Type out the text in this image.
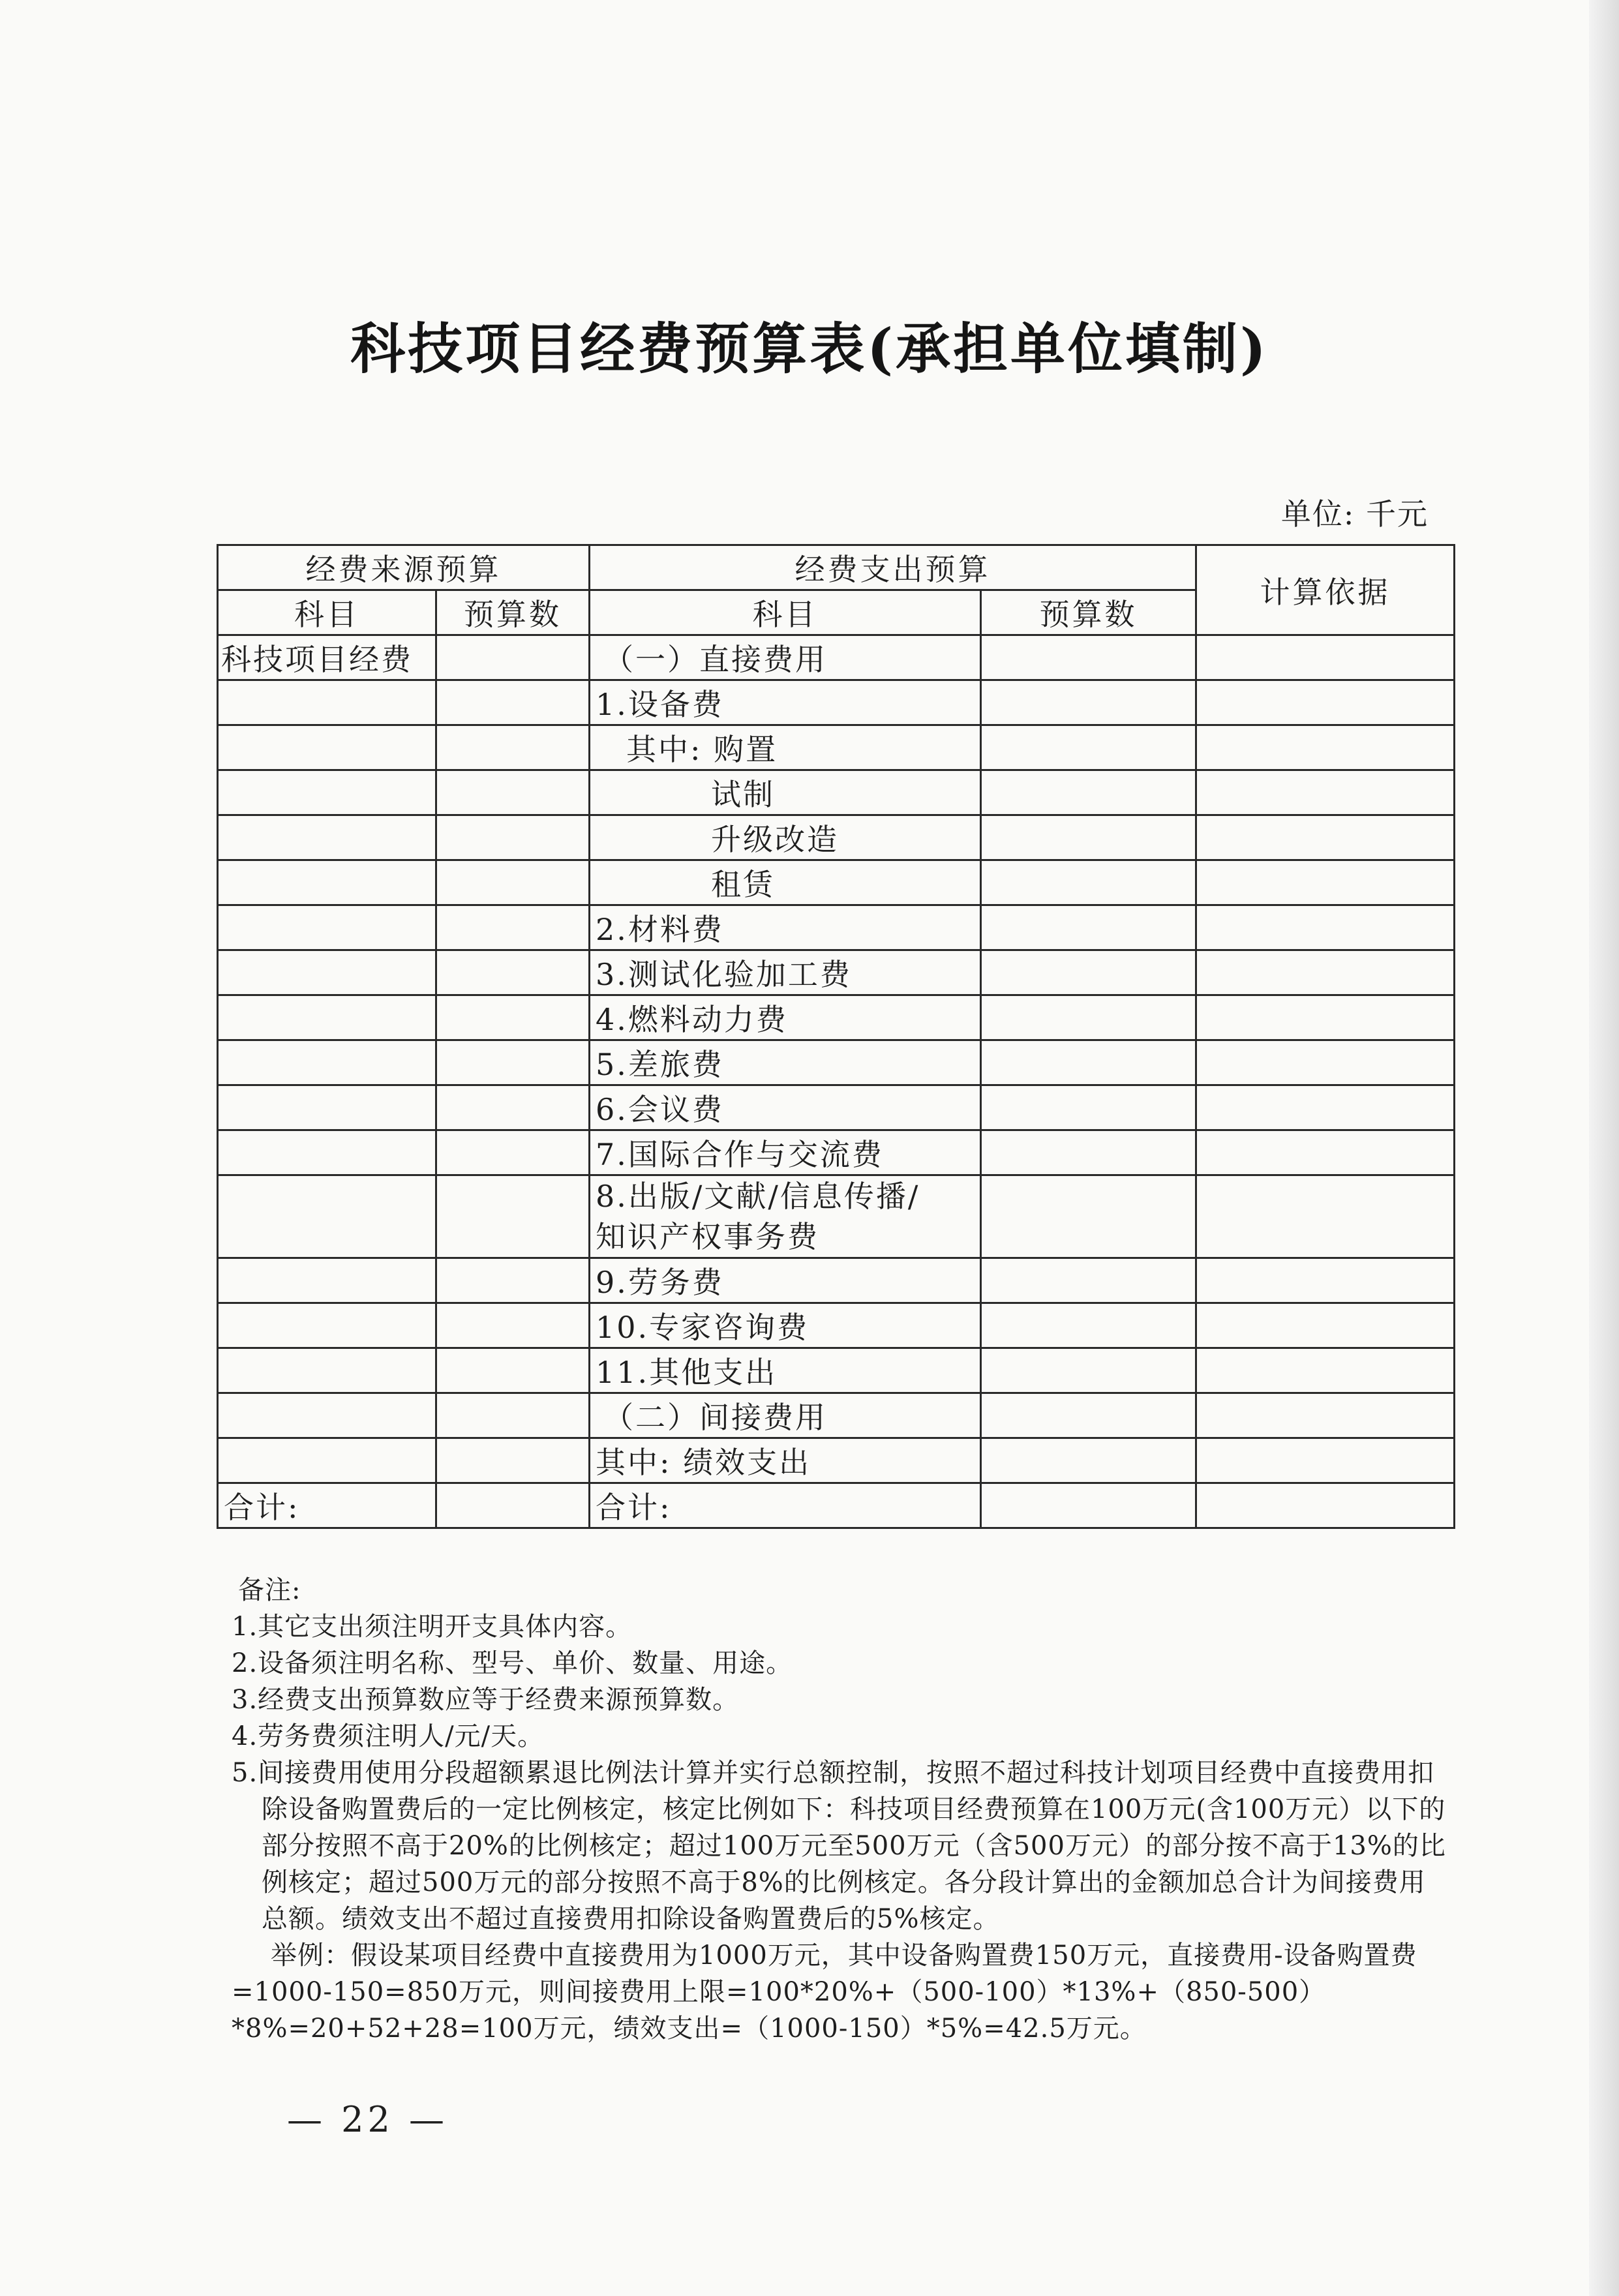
科技项目经费预算表(承担单位填制)
单位: 千元
经费来源预算		经费支出预算		计算依据
科目	预算数	科目	预算数	
科技项目经费		（一）直接费用		
		1.设备费		
		其中: 购置		
		试制		
		升级改造		
		租赁		
		2.材料费		
		3.测试化验加工费		
		4.燃料动力费		
		5.差旅费		
		6.会议费		
		7.国际合作与交流费		

		8.出版/文献/信息传播/
知识产权事务费		

		9.劳务费		
		10.专家咨询费		
		11.其他支出		
		（二）间接费用		
		其中: 绩效支出		
合计:		合计:		
备注:
1.其它支出须注明开支具体内容。
2.设备须注明名称、型号、单价、数量、用途。
3.经费支出预算数应等于经费来源预算数。
4.劳务费须注明人/元/天。
5.间接费用使用分段超额累退比例法计算并实行总额控制，按照不超过科技计划项目经费中直接费用扣除设备购置费后的一定比例核定，核定比例如下：科技项目经费预算在100万元(含100万元）以下的部分按照不高于20%的比例核定；超过100万元至500万元（含500万元）的部分按不高于13%的比例核定；超过500万元的部分按照不高于8%的比例核定。各分段计算出的金额加总合计为间接费用总额。绩效支出不超过直接费用扣除设备购置费后的5%核定。
举例：假设某项目经费中直接费用为1000万元，其中设备购置费150万元，直接费用-设备购置费=1000-150=850万元，则间接费用上限=100*20%+（500-100）*13%+（850-500）*8%=20+52+28=100万元，绩效支出=（1000-150）*5%=42.5万元。
— 22 —
